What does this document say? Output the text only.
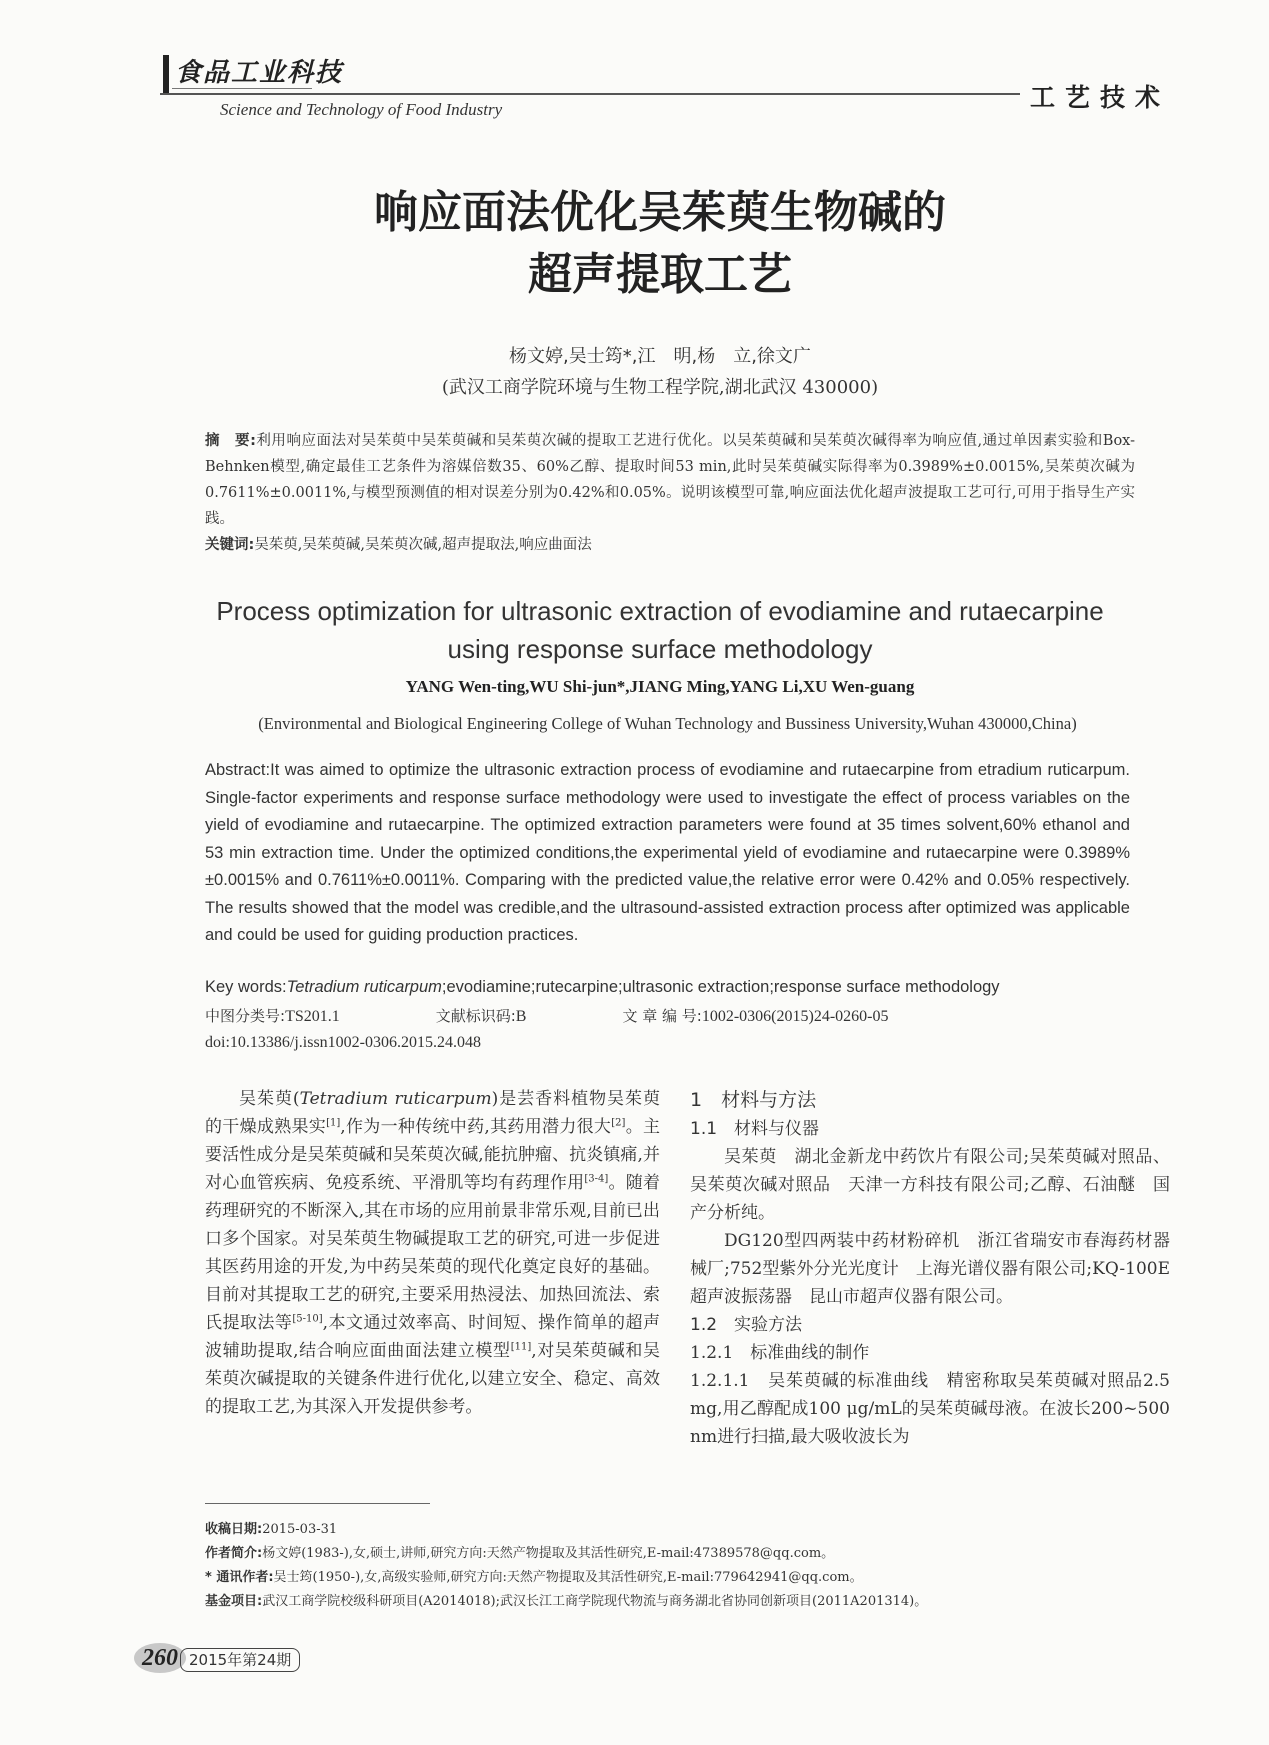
食品工业科技
Science and Technology of Food Industry	工艺技术
响应面法优化吴茱萸生物碱的
超声提取工艺
杨文婷,吴士筠*,江　明,杨　立,徐文广
(武汉工商学院环境与生物工程学院,湖北武汉 430000)
摘　要:利用响应面法对吴茱萸中吴茱萸碱和吴茱萸次碱的提取工艺进行优化。以吴茱萸碱和吴茱萸次碱得率为响应值,通过单因素实验和Box-Behnken模型,确定最佳工艺条件为溶媒倍数35、60%乙醇、提取时间53 min,此时吴茱萸碱实际得率为0.3989%±0.0015%,吴茱萸次碱为0.7611%±0.0011%,与模型预测值的相对误差分别为0.42%和0.05%。说明该模型可靠,响应面法优化超声波提取工艺可行,可用于指导生产实践。
关键词:吴茱萸,吴茱萸碱,吴茱萸次碱,超声提取法,响应曲面法
Process optimization for ultrasonic extraction of evodiamine and rutaecarpine using response surface methodology
YANG Wen-ting,WU Shi-jun*,JIANG Ming,YANG Li,XU Wen-guang
(Environmental and Biological Engineering College of Wuhan Technology and Bussiness University,Wuhan 430000,China)
Abstract:It was aimed to optimize the ultrasonic extraction process of evodiamine and rutaecarpine from etradium ruticarpum. Single-factor experiments and response surface methodology were used to investigate the effect of process variables on the yield of evodiamine and rutaecarpine. The optimized extraction parameters were found at 35 times solvent,60% ethanol and 53 min extraction time. Under the optimized conditions,the experimental yield of evodiamine and rutaecarpine were 0.3989%±0.0015% and 0.7611%±0.0011%. Comparing with the predicted value,the relative error were 0.42% and 0.05% respectively. The results showed that the model was credible,and the ultrasound-assisted extraction process after optimized was applicable and could be used for guiding production practices.
Key words:Tetradium ruticarpum;evodiamine;rutecarpine;ultrasonic extraction;response surface methodology
中图分类号:TS201.1	文献标识码:B	文 章 编 号:1002-0306(2015)24-0260-05
doi:10.13386/j.issn1002-0306.2015.24.048

吴茱萸(Tetradium ruticarpum)是芸香料植物吴茱萸的干燥成熟果实[1],作为一种传统中药,其药用潜力很大[2]。主要活性成分是吴茱萸碱和吴茱萸次碱,能抗肿瘤、抗炎镇痛,并对心血管疾病、免疫系统、平滑肌等均有药理作用[3-4]。随着药理研究的不断深入,其在市场的应用前景非常乐观,目前已出口多个国家。对吴茱萸生物碱提取工艺的研究,可进一步促进其医药用途的开发,为中药吴茱萸的现代化奠定良好的基础。目前对其提取工艺的研究,主要采用热浸法、加热回流法、索氏提取法等[5-10],本文通过效率高、时间短、操作简单的超声波辅助提取,结合响应面曲面法建立模型[11],对吴茱萸碱和吴茱萸次碱提取的关键条件进行优化,以建立安全、稳定、高效的提取工艺,为其深入开发提供参考。

1　材料与方法

1.1　材料与仪器

吴茱萸　湖北金新龙中药饮片有限公司;吴茱萸碱对照品、吴茱萸次碱对照品　天津一方科技有限公司;乙醇、石油醚　国产分析纯。

DG120型四两装中药材粉碎机　浙江省瑞安市春海药材器械厂;752型紫外分光光度计　上海光谱仪器有限公司;KQ-100E超声波振荡器　昆山市超声仪器有限公司。

1.2　实验方法

1.2.1　标准曲线的制作

1.2.1.1　吴茱萸碱的标准曲线　精密称取吴茱萸碱对照品2.5 mg,用乙醇配成100 μg/mL的吴茱萸碱母液。在波长200~500 nm进行扫描,最大吸收波长为

收稿日期:2015-03-31
作者简介:杨文婷(1983-),女,硕士,讲师,研究方向:天然产物提取及其活性研究,E-mail:47389578@qq.com。
* 通讯作者:吴士筠(1950-),女,高级实验师,研究方向:天然产物提取及其活性研究,E-mail:779642941@qq.com。
基金项目:武汉工商学院校级科研项目(A2014018);武汉长江工商学院现代物流与商务湖北省协同创新项目(2011A201314)。
260 2015年第24期
